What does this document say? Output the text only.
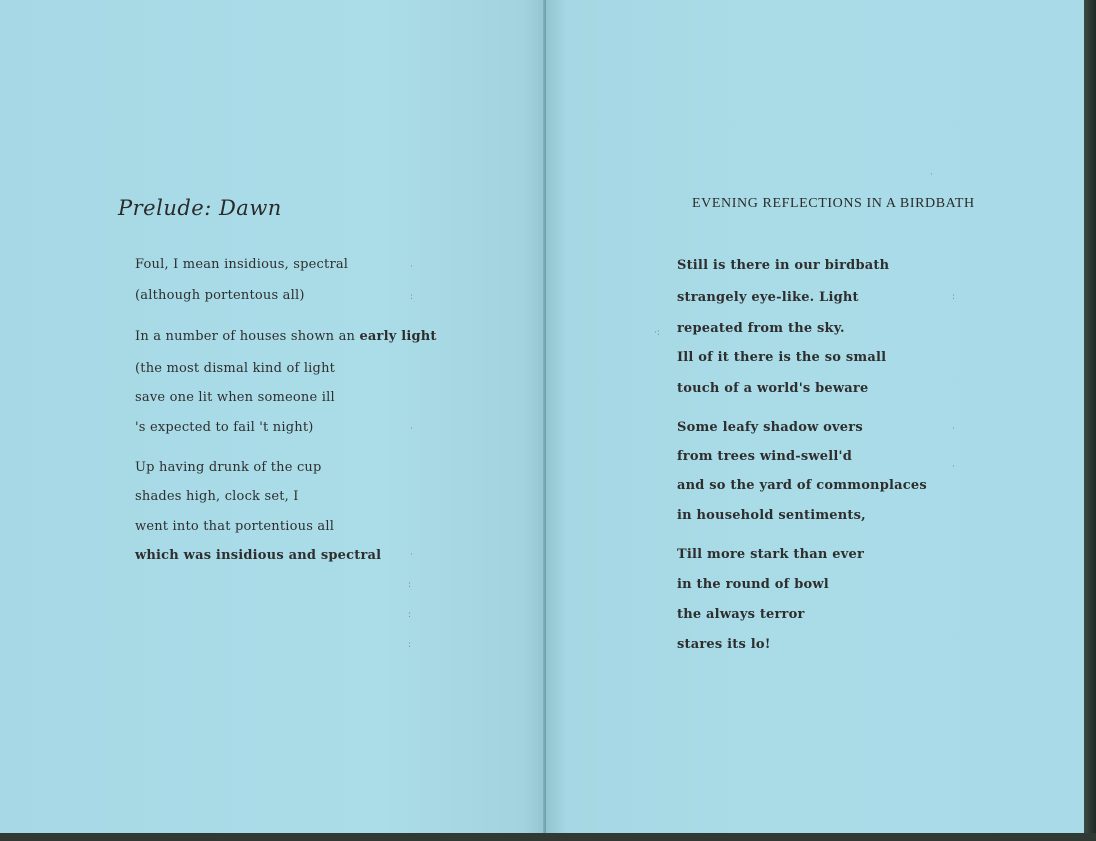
Prelude: Dawn
Foul, I mean insidious, spectral
(although portentous all)
In a number of houses shown an early light
(the most dismal kind of light
save one lit when someone ill
's expected to fail 't night)
Up having drunk of the cup
shades high, clock set, I
went into that portentious all
which was insidious and spectral
·
:
·
·
:
:
:
EVENING REFLECTIONS IN A BIRDBATH
Still is there in our birdbath
strangely eye-like. Light
repeated from the sky.
Ill of it there is the so small
touch of a world's beware
Some leafy shadow overs
from trees wind-swell'd
and so the yard of commonplaces
in household sentiments,
Till more stark than ever
in the round of bowl
the always terror
stares its lo!
·:
:
·
·
·
